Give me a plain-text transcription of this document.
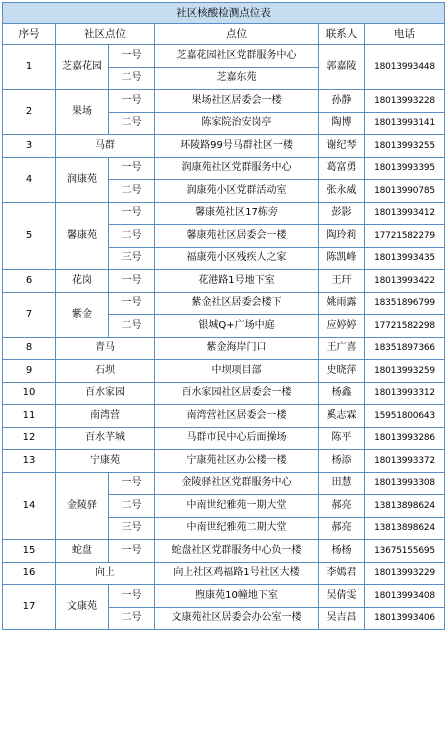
社区核酸检测点位表					
序号	社区点位		点位	联系人	电话
1	芝嘉花园	一号	芝嘉花园社区党群服务中心	郭嘉陵	18013993448
		二号	芝嘉东苑		
2	果场	一号	果场社区居委会一楼	孙静	18013993228
		二号	陈家院治安岗亭	陶博	18013993141
3	马群		环陵路99号马群社区一楼	谢纪琴	18013993255
4	润康苑	一号	润康苑社区党群服务中心	葛富勇	18013993395
		二号	润康苑小区党群活动室	张永威	18013990785
5	馨康苑	一号	馨康苑社区17栋旁	彭影	18013993412
		二号	馨康苑社区居委会一楼	陶玲莉	17721582279
		三号	福康苑小区残疾人之家	陈凯峰	18013993435
6	花岗	一号	花港路1号地下室	王玕	18013993422
7	紫金	一号	紫金社区居委会楼下	姚雨露	18351896799
		二号	银城Q+广场中庭	应婷婷	17721582298
8	青马		紫金海岸门口	王广喜	18351897366
9	石坝		中坝项目部	史晓萍	18013993259
10	百水家园		百水家园社区居委会一楼	杨鑫	18013993312
11	南湾营		南湾营社区居委会一楼	奚志霖	15951800643
12	百水芊城		马群市民中心后面操场	陈平	18013993286
13	宁康苑		宁康苑社区办公楼一楼	杨添	18013993372
14	金陵驿	一号	金陵驿社区党群服务中心	田慧	18013993308
		二号	中南世纪雅苑一期大堂	郝亮	13813898624
		三号	中南世纪雅苑二期大堂	郝亮	13813898624
15	蛇盘	一号	蛇盘社区党群服务中心负一楼	杨杨	13675155695
16	向上		向上社区鸡福路1号社区大楼	李嫣君	18013993229
17	文康苑	一号	煦康苑10幢地下室	吴倩雯	18013993408
		二号	文康苑社区居委会办公室一楼	吴吉昌	18013993406
